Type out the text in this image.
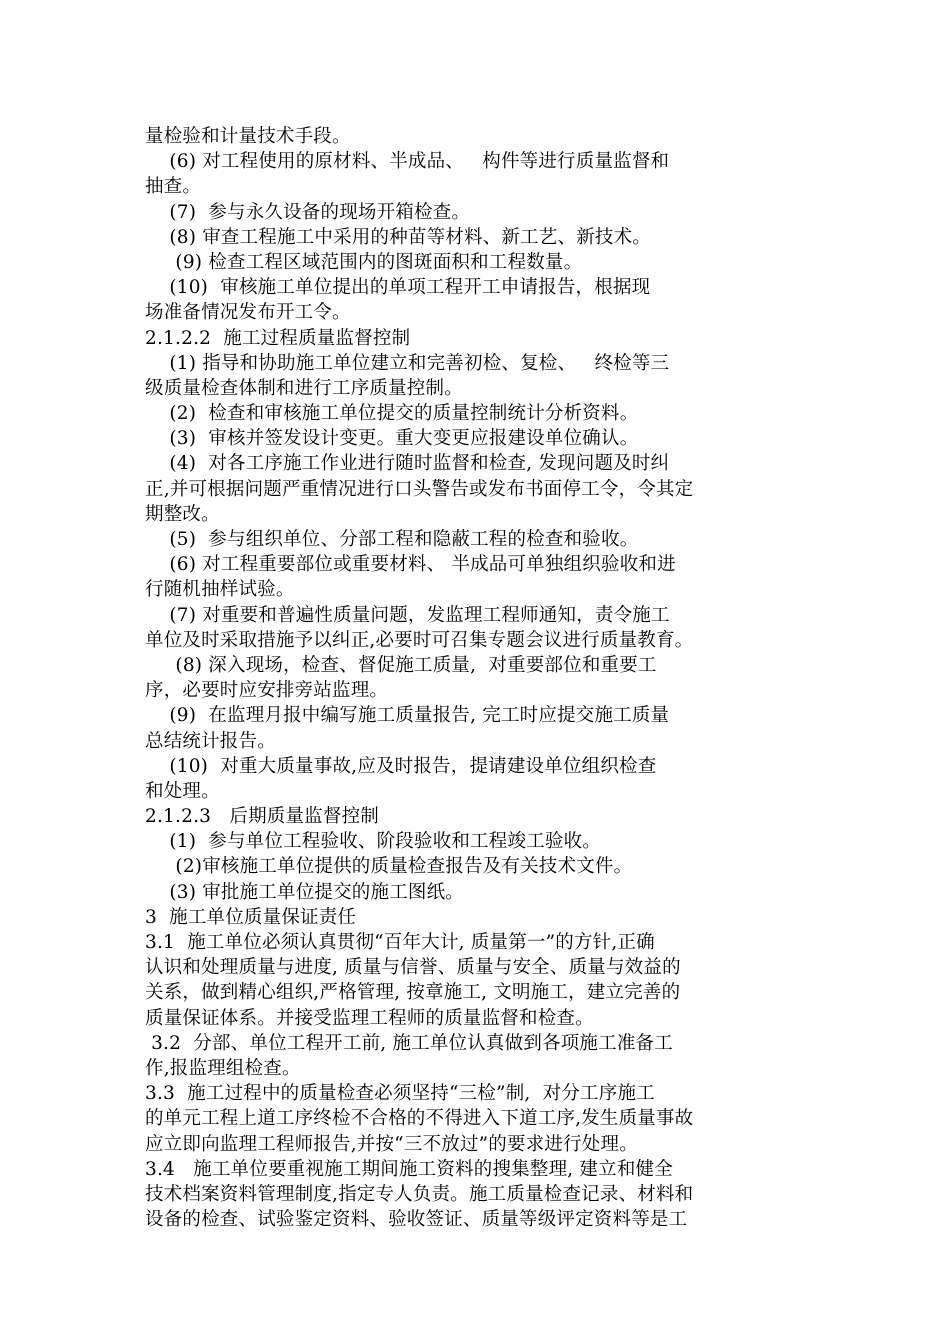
量检验和计量技术手段。
(6) 对工程使用的原材料、半成品、   构件等进行质量监督和
抽查。
(7)  参与永久设备的现场开箱检查。
(8) 审查工程施工中采用的种苗等材料、新工艺、新技术。
(9) 检查工程区域范围内的图斑面积和工程数量。
(10)  审核施工单位提出的单项工程开工申请报告，根据现
场准备情况发布开工令。
2.1.2.2  施工过程质量监督控制
(1) 指导和协助施工单位建立和完善初检、复检、   终检等三
级质量检查体制和进行工序质量控制。
(2)  检查和审核施工单位提交的质量控制统计分析资料。
(3)  审核并签发设计变更。重大变更应报建设单位确认。
(4)  对各工序施工作业进行随时监督和检查, 发现问题及时纠
正,并可根据问题严重情况进行口头警告或发布书面停工令，令其定
期整改。
(5)  参与组织单位、分部工程和隐蔽工程的检查和验收。
(6) 对工程重要部位或重要材料、 半成品可单独组织验收和进
行随机抽样试验。
(7) 对重要和普遍性质量问题，发监理工程师通知，责令施工
单位及时采取措施予以纠正,必要时可召集专题会议进行质量教育。
(8) 深入现场，检查、督促施工质量,  对重要部位和重要工
序，必要时应安排旁站监理。
(9)  在监理月报中编写施工质量报告, 完工时应提交施工质量
总结统计报告。
(10)  对重大质量事故,应及时报告，提请建设单位组织检查
和处理。
2.1.2.3   后期质量监督控制
(1)  参与单位工程验收、阶段验收和工程竣工验收。
(2)审核施工单位提供的质量检查报告及有关技术文件。
(3) 审批施工单位提交的施工图纸。
3  施工单位质量保证责任
3.1  施工单位必须认真贯彻“百年大计, 质量第一”的方针,正确
认识和处理质量与进度, 质量与信誉、质量与安全、质量与效益的
关系，做到精心组织,严格管理, 按章施工, 文明施工，建立完善的
质量保证体系。并接受监理工程师的质量监督和检查。
3.2  分部、单位工程开工前, 施工单位认真做到各项施工准备工
作,报监理组检查。
3.3  施工过程中的质量检查必须坚持“三检”制,  对分工序施工
的单元工程上道工序终检不合格的不得进入下道工序,发生质量事故
应立即向监理工程师报告,并按“三不放过”的要求进行处理。
3.4   施工单位要重视施工期间施工资料的搜集整理, 建立和健全
技术档案资料管理制度,指定专人负责。施工质量检查记录、材料和
设备的检查、试验鉴定资料、验收签证、质量等级评定资料等是工
